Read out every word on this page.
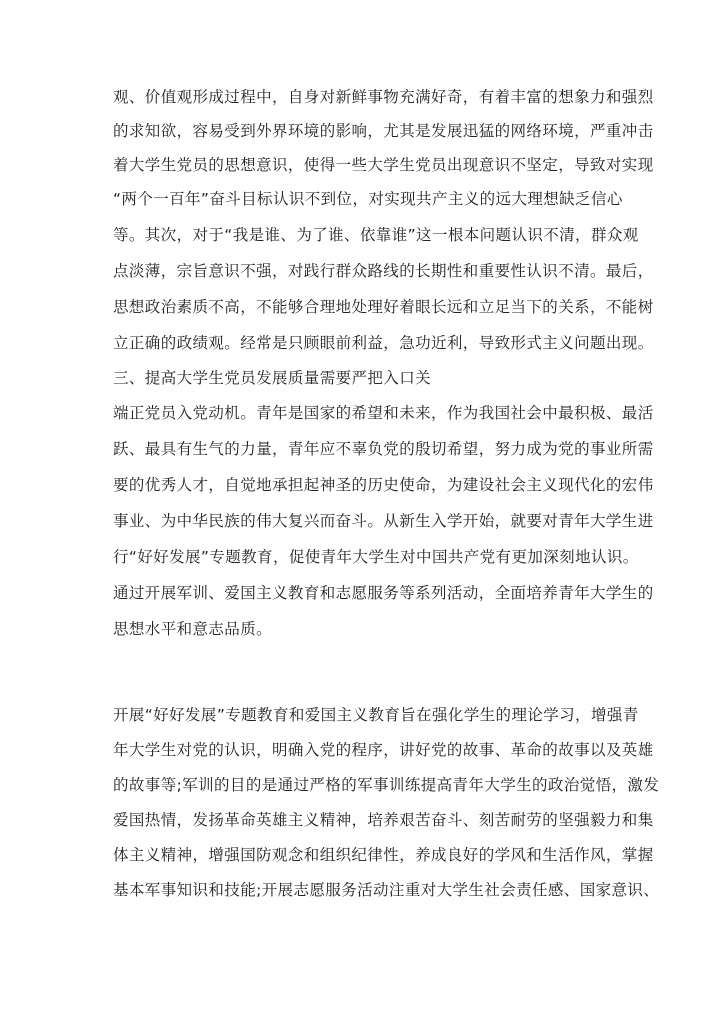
观、价值观形成过程中，自身对新鲜事物充满好奇，有着丰富的想象力和强烈
的求知欲，容易受到外界环境的影响，尤其是发展迅猛的网络环境，严重冲击
着大学生党员的思想意识，使得一些大学生党员出现意识不坚定，导致对实现
“两个一百年”奋斗目标认识不到位，对实现共产主义的远大理想缺乏信心
等。其次，对于“我是谁、为了谁、依靠谁”这一根本问题认识不清，群众观
点淡薄，宗旨意识不强，对践行群众路线的长期性和重要性认识不清。最后，
思想政治素质不高，不能够合理地处理好着眼长远和立足当下的关系，不能树
立正确的政绩观。经常是只顾眼前利益，急功近利，导致形式主义问题出现。
三、提高大学生党员发展质量需要严把入口关
端正党员入党动机。青年是国家的希望和未来，作为我国社会中最积极、最活
跃、最具有生气的力量，青年应不辜负党的殷切希望，努力成为党的事业所需
要的优秀人才，自觉地承担起神圣的历史使命，为建设社会主义现代化的宏伟
事业、为中华民族的伟大复兴而奋斗。从新生入学开始，就要对青年大学生进
行“好好发展”专题教育，促使青年大学生对中国共产党有更加深刻地认识。
通过开展军训、爱国主义教育和志愿服务等系列活动，全面培养青年大学生的
思想水平和意志品质。
开展“好好发展”专题教育和爱国主义教育旨在强化学生的理论学习，增强青
年大学生对党的认识，明确入党的程序，讲好党的故事、革命的故事以及英雄
的故事等;军训的目的是通过严格的军事训练提高青年大学生的政治觉悟，激发
爱国热情，发扬革命英雄主义精神，培养艰苦奋斗、刻苦耐劳的坚强毅力和集
体主义精神，增强国防观念和组织纪律性，养成良好的学风和生活作风，掌握
基本军事知识和技能;开展志愿服务活动注重对大学生社会责任感、国家意识、
